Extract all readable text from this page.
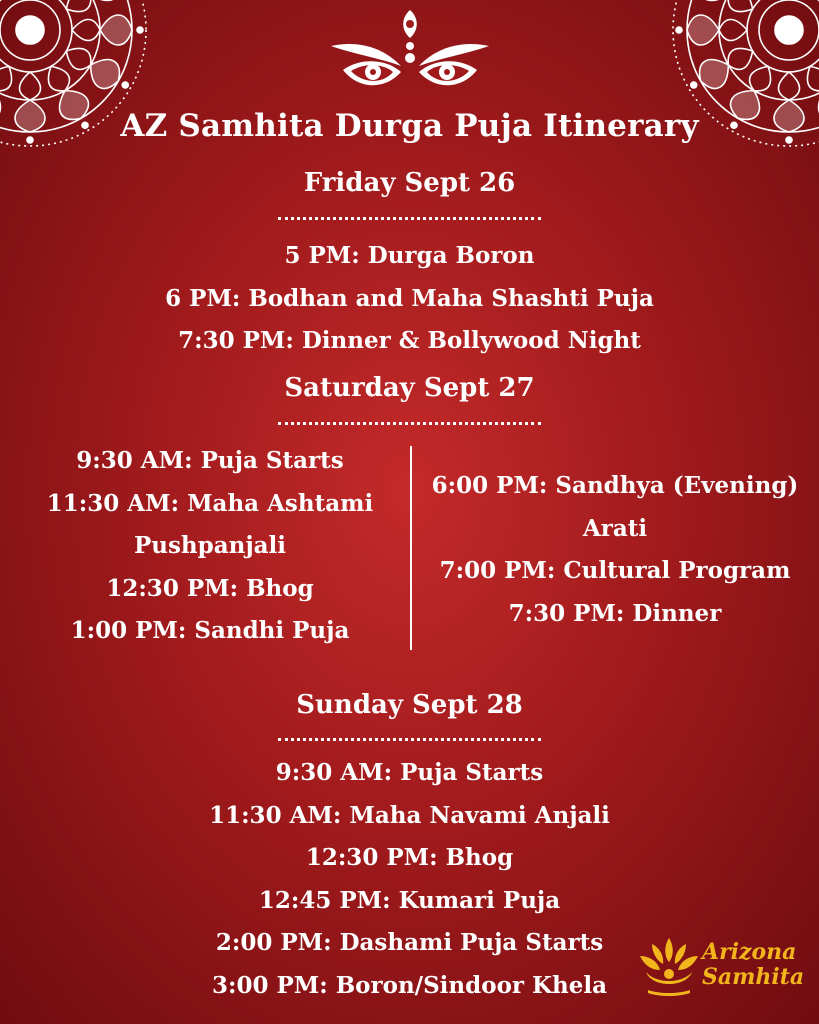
AZ Samhita Durga Puja Itinerary
Friday Sept 26
5 PM: Durga Boron
6 PM: Bodhan and Maha Shashti Puja
7:30 PM: Dinner & Bollywood Night
Saturday Sept 27
9:30 AM: Puja Starts
11:30 AM: Maha Ashtami
Pushpanjali
12:30 PM: Bhog
1:00 PM: Sandhi Puja
6:00 PM: Sandhya (Evening)
Arati
7:00 PM: Cultural Program
7:30 PM: Dinner
Sunday Sept 28
9:30 AM: Puja Starts
11:30 AM: Maha Navami Anjali
12:30 PM: Bhog
12:45 PM: Kumari Puja
2:00 PM: Dashami Puja Starts
3:00 PM: Boron/Sindoor Khela
Arizona
Samhita
